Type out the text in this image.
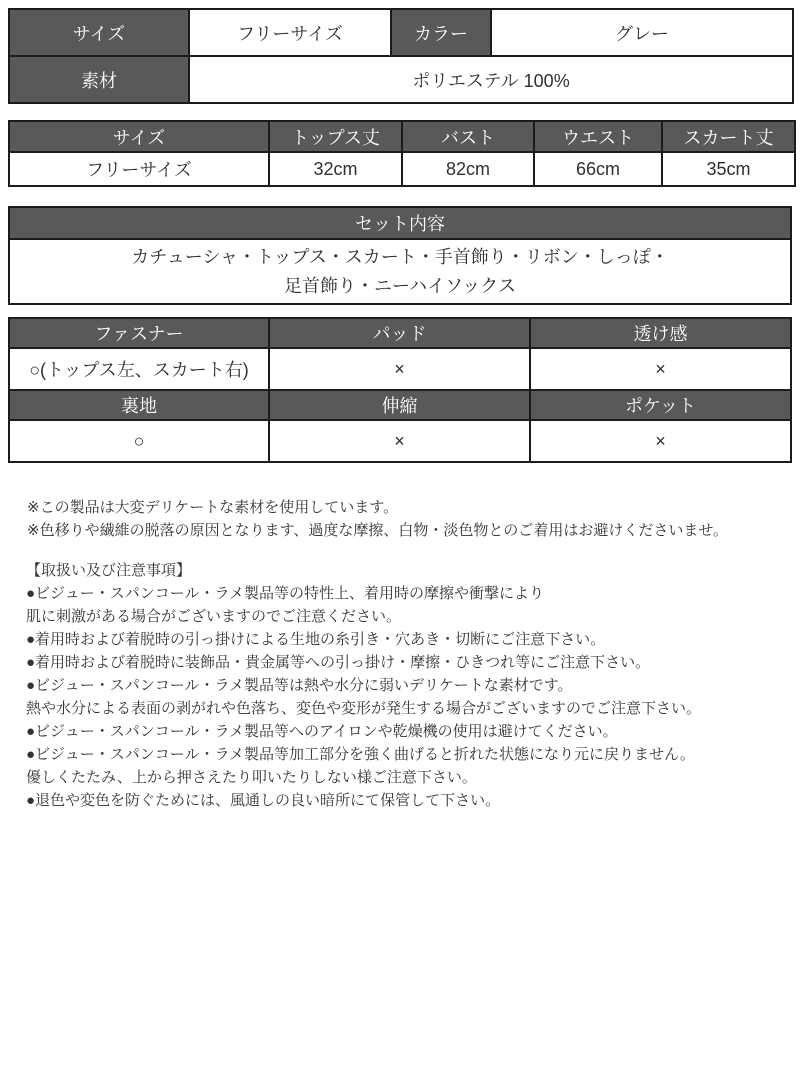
サイズ	フリーサイズ	カラー	グレー
素材	ポリエステル 100%		
サイズ	トップス丈	バスト	ウエスト	スカート丈
フリーサイズ	32cm	82cm	66cm	35cm
セット内容

カチューシャ・トップス・スカート・手首飾り・リボン・しっぽ・
足首飾り・ニーハイソックス
ファスナー	パッド	透け感
○(トップス左、スカート右)	×	×
裏地	伸縮	ポケット
○	×	×
※この製品は大変デリケートな素材を使用しています。
※色移りや繊維の脱落の原因となります、過度な摩擦、白物・淡色物とのご着用はお避けくださいませ。
【取扱い及び注意事項】
●ビジュー・スパンコール・ラメ製品等の特性上、着用時の摩擦や衝撃により
肌に刺激がある場合がございますのでご注意ください。
●着用時および着脱時の引っ掛けによる生地の糸引き・穴あき・切断にご注意下さい。
●着用時および着脱時に装飾品・貴金属等への引っ掛け・摩擦・ひきつれ等にご注意下さい。
●ビジュー・スパンコール・ラメ製品等は熱や水分に弱いデリケートな素材です。
熱や水分による表面の剥がれや色落ち、変色や変形が発生する場合がございますのでご注意下さい。
●ビジュー・スパンコール・ラメ製品等へのアイロンや乾燥機の使用は避けてください。
●ビジュー・スパンコール・ラメ製品等加工部分を強く曲げると折れた状態になり元に戻りません。
優しくたたみ、上から押さえたり叩いたりしない様ご注意下さい。
●退色や変色を防ぐためには、風通しの良い暗所にて保管して下さい。
